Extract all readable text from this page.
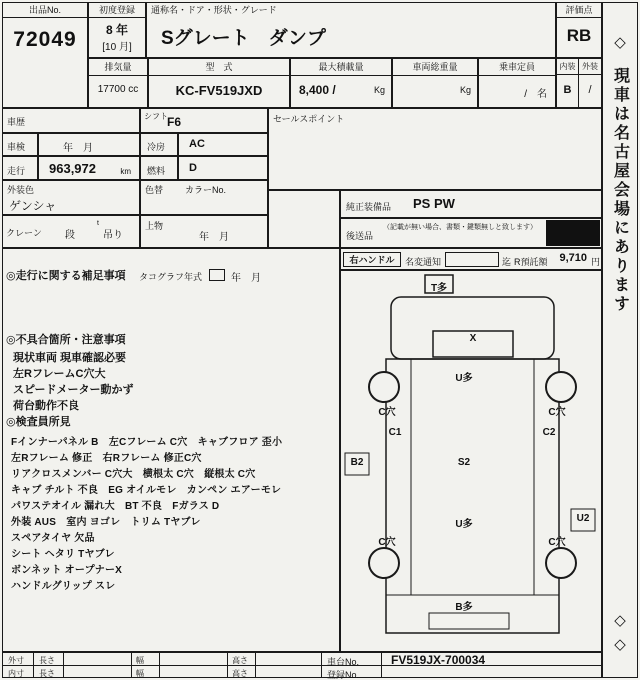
出品No.
72049
初度登録
8 年
[10 月]
通称名・ドア・形状・グレード
Sグレート　ダンプ
評価点
RB
排気量
17700 cc
型　式
KC-FV519JXD
最大積載量
8,400 /	Kg
車両総重量
Kg
乗車定員
/　名
内装 外装
B	/
車歴
シフト F6
車検	年　月	冷房 AC
走行 963,972	km 燃料 D
外装色
ゲンシャ
色替 カラーNo.
クレーン 段
t
吊り
上物
年　月
セールスポイント
純正装備品 PS PW
後送品
（記載が無い場合、書類・鍵類無しと致します）
右ハンドル	名変通知	迄 R預託額	9,710 円
◎走行に関する補足事項 タコグラフ年式	年　月
◎不具合箇所・注意事項
現状車両 現車確認必要
左RフレームC穴大
スピードメーター動かず
荷台動作不良
◎検査員所見
Fインナーパネル B　左Cフレーム C穴　キャブフロア 歪小
左Rフレーム 修正　右Rフレーム 修正C穴
リアクロスメンバー C穴大　横根太 C穴　縦根太 C穴
キャブ チルト 不良　EG オイルモレ　カンペン エアーモレ
パワステオイル 漏れ大　BT 不良　Fガラス D
外装 AUS　室内 ヨゴレ　トリム Tヤブレ
スペアタイヤ 欠品
シート ヘタリ Tヤブレ
ボンネット オープナーX
ハンドルグリップ スレ
T多
X
U多
C穴	C穴
C1	C2
B2	S2
U多
U2
C穴	C穴
B多
外寸 長さ	幅	高さ	車台No.	FV519JX-700034
内寸 長さ	幅	高さ	登録No.
◇
現車は名古屋会場にあります
◇
◇
